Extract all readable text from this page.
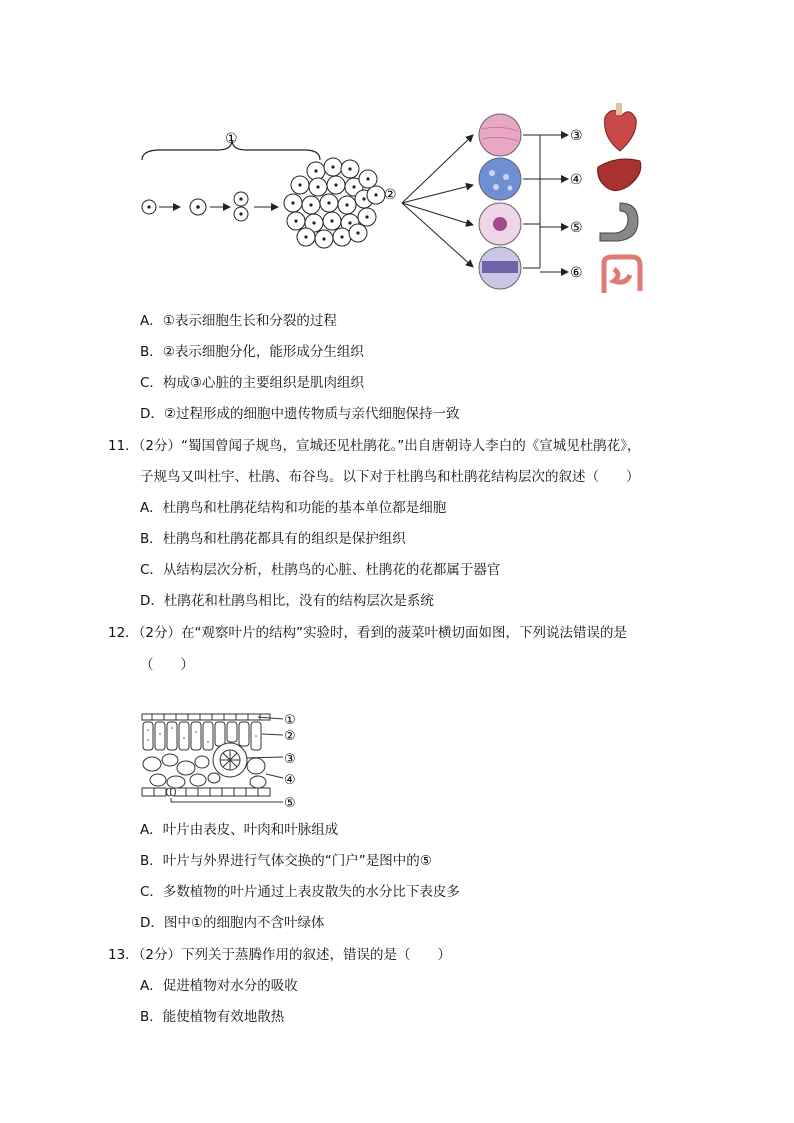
①
②
③
④
⑤
⑥
A．①表示细胞生长和分裂的过程
B．②表示细胞分化，能形成分生组织
C．构成③心脏的主要组织是肌肉组织
D．②过程形成的细胞中遗传物质与亲代细胞保持一致
11．（2分）“蜀国曾闻子规鸟，宣城还见杜鹃花。”出自唐朝诗人李白的《宣城见杜鹃花》，
子规鸟又叫杜宇、杜鹃、布谷鸟。以下对于杜鹃鸟和杜鹃花结构层次的叙述（　　）
A．杜鹃鸟和杜鹃花结构和功能的基本单位都是细胞
B．杜鹃鸟和杜鹃花都具有的组织是保护组织
C．从结构层次分析，杜鹃鸟的心脏、杜鹃花的花都属于器官
D．杜鹃花和杜鹃鸟相比，没有的结构层次是系统
12．（2分）在“观察叶片的结构”实验时，看到的菠菜叶横切面如图，下列说法错误的是
（　　）
①
②
③
④
⑤
A．叶片由表皮、叶肉和叶脉组成
B．叶片与外界进行气体交换的“门户”是图中的⑤
C．多数植物的叶片通过上表皮散失的水分比下表皮多
D．图中①的细胞内不含叶绿体
13．（2分）下列关于蒸腾作用的叙述，错误的是（　　）
A．促进植物对水分的吸收
B．能使植物有效地散热
